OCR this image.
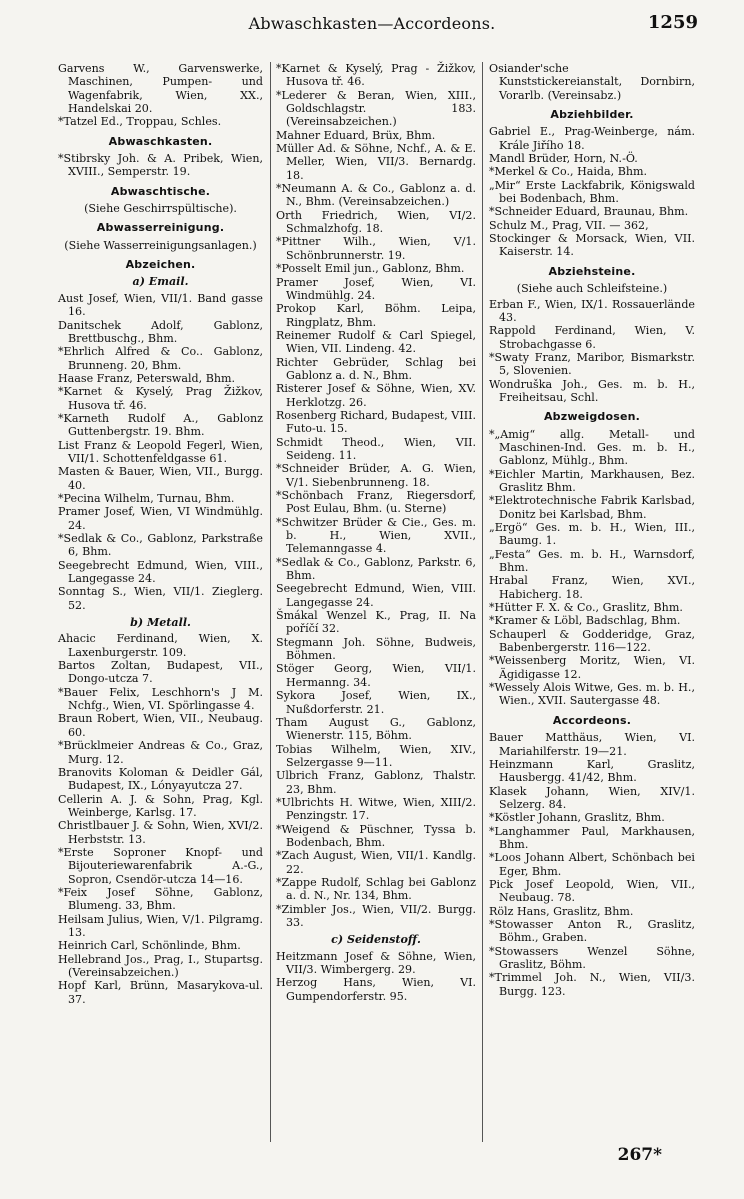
Abwaschkasten—Accordeons.	1259
Garvens W., Garvenswerke, Maschinen, Pumpen- und Wagenfabrik, Wien, XX., Handelskai 20.
*Tatzel Ed., Troppau, Schles.
Abwaschkasten.
*Stibrsky Joh. & A. Pribek, Wien, XVIII., Semperstr. 19.
Abwaschtische.
(Siehe Geschirrspültische).
Abwasserreinigung.
(Siehe Wasserreinigungsanlagen.)
Abzeichen.
a) Email.
Aust Josef, Wien, VII/1. Band gasse 16.
Danitschek Adolf, Gablonz, Brettbuschg., Bhm.
*Ehrlich Alfred & Co.. Gablonz, Brunneng. 20, Bhm.
Haase Franz, Peterswald, Bhm.
*Karnet & Kyselý, Prag Žižkov, Husova tř. 46.
*Karneth Rudolf A., Gablonz Guttenbergstr. 19. Bhm.
List Franz & Leopold Fegerl, Wien, VII/1. Schottenfeldgasse 61.
Masten & Bauer, Wien, VII., Burgg. 40.
*Pecina Wilhelm, Turnau, Bhm.
Pramer Josef, Wien, VI Windmühlg. 24.
*Sedlak & Co., Gablonz, Parkstraße 6, Bhm.
Seegebrecht Edmund, Wien, VIII., Langegasse 24.
Sonntag S., Wien, VII/1. Zieglerg. 52.
b) Metall.
Ahacic Ferdinand, Wien, X. Laxenburgerstr. 109.
Bartos Zoltan, Budapest, VII., Dongo-utcza 7.
*Bauer Felix, Leschhorn's J M. Nchfg., Wien, VI. Spörlingasse 4.
Braun Robert, Wien, VII., Neubaug. 60.
*Brücklmeier Andreas & Co., Graz, Murg. 12.
Branovits Koloman & Deidler Gál, Budapest, IX., Lónyayutcza 27.
Cellerin A. J. & Sohn, Prag, Kgl. Weinberge, Karlsg. 17.
Christlbauer J. & Sohn, Wien, XVI/2. Herbststr. 13.
*Erste Soproner Knopf- und Bijouteriewarenfabrik A.-G., Sopron, Csendör-utcza 14—16.
*Feix Josef Söhne, Gablonz, Blumeng. 33, Bhm.
Heilsam Julius, Wien, V/1. Pilgramg. 13.
Heinrich Carl, Schönlinde, Bhm.
Hellebrand Jos., Prag, I., Stupartsg. (Vereinsabzeichen.)
Hopf Karl, Brünn, Masarykova-ul. 37.
*Karnet & Kyselý, Prag - Žižkov, Husova tř. 46.
*Lederer & Beran, Wien, XIII., Goldschlagstr. 183. (Vereinsabzeichen.)
Mahner Eduard, Brüx, Bhm.
Müller Ad. & Söhne, Nchf., A. & E. Meller, Wien, VII/3. Bernardg. 18.
*Neumann A. & Co., Gablonz a. d. N., Bhm. (Vereinsabzeichen.)
Orth Friedrich, Wien, VI/2. Schmalzhofg. 18.
*Pittner Wilh., Wien, V/1. Schönbrunnerstr. 19.
*Posselt Emil jun., Gablonz, Bhm.
Pramer Josef, Wien, VI. Windmühlg. 24.
Prokop Karl, Böhm. Leipa, Ringplatz, Bhm.
Reinemer Rudolf & Carl Spiegel, Wien, VII. Lindeng. 42.
Richter Gebrüder, Schlag bei Gablonz a. d. N., Bhm.
Risterer Josef & Söhne, Wien, XV. Herklotzg. 26.
Rosenberg Richard, Budapest, VIII. Futo-u. 15.
Schmidt Theod., Wien, VII. Seideng. 11.
*Schneider Brüder, A. G. Wien, V/1. Siebenbrunneng. 18.
*Schönbach Franz, Riegersdorf, Post Eulau, Bhm. (u. Sterne)
*Schwitzer Brüder & Cie., Ges. m. b. H., Wien, XVII., Telemanngasse 4.
*Sedlak & Co., Gablonz, Parkstr. 6, Bhm.
Seegebrecht Edmund, Wien, VIII. Langegasse 24.
Šmákal Wenzel K., Prag, II. Na poříčí 32.
Stegmann Joh. Söhne, Budweis, Böhmen.
Stöger Georg, Wien, VII/1. Hermanng. 34.
Sykora Josef, Wien, IX., Nußdorferstr. 21.
Tham August G., Gablonz, Wienerstr. 115, Böhm.
Tobias Wilhelm, Wien, XIV., Selzergasse 9—11.
Ulbrich Franz, Gablonz, Thalstr. 23, Bhm.
*Ulbrichts H. Witwe, Wien, XIII/2. Penzingstr. 17.
*Weigend & Püschner, Tyssa b. Bodenbach, Bhm.
*Zach August, Wien, VII/1. Kandlg. 22.
*Zappe Rudolf, Schlag bei Gablonz a. d. N., Nr. 134, Bhm.
*Zimbler Jos., Wien, VII/2. Burgg. 33.
c) Seidenstoff.
Heitzmann Josef & Söhne, Wien, VII/3. Wimbergerg. 29.
Herzog Hans, Wien, VI. Gumpendorferstr. 95.
Osiander'sche Kunststickereianstalt, Dornbirn, Vorarlb. (Vereinsabz.)
Abziehbilder.
Gabriel E., Prag-Weinberge, nám. Krále Jiřího 18.
Mandl Brüder, Horn, N.-Ö.
*Merkel & Co., Haida, Bhm.
„Mir“ Erste Lackfabrik, Königswald bei Bodenbach, Bhm.
*Schneider Eduard, Braunau, Bhm.
Schulz M., Prag, VII. — 362,
Stockinger & Morsack, Wien, VII. Kaiserstr. 14.
Abziehsteine.
(Siehe auch Schleifsteine.)
Erban F., Wien, IX/1. Rossauerlände 43.
Rappold Ferdinand, Wien, V. Strobachgasse 6.
*Swaty Franz, Maribor, Bismarkstr. 5, Slovenien.
Wondruška Joh., Ges. m. b. H., Freiheitsau, Schl.
Abzweigdosen.
*„Amig“ allg. Metall- und Maschinen-Ind. Ges. m. b. H., Gablonz, Mühlg., Bhm.
*Eichler Martin, Markhausen, Bez. Graslitz Bhm.
*Elektrotechnische Fabrik Karlsbad, Donitz bei Karlsbad, Bhm.
„Ergö“ Ges. m. b. H., Wien, III., Baumg. 1.
„Festa“ Ges. m. b. H., Warnsdorf, Bhm.
Hrabal Franz, Wien, XVI., Habicherg. 18.
*Hütter F. X. & Co., Graslitz, Bhm.
*Kramer & Löbl, Badschlag, Bhm.
Schauperl & Godderidge, Graz, Babenbergerstr. 116—122.
*Weissenberg Moritz, Wien, VI. Ägidigasse 12.
*Wessely Alois Witwe, Ges. m. b. H., Wien., XVII. Sautergasse 48.
Accordeons.
Bauer Matthäus, Wien, VI. Mariahilferstr. 19—21.
Heinzmann Karl, Graslitz, Hausbergg. 41/42, Bhm.
Klasek Johann, Wien, XIV/1. Selzerg. 84.
*Köstler Johann, Graslitz, Bhm.
*Langhammer Paul, Markhausen, Bhm.
*Loos Johann Albert, Schönbach bei Eger, Bhm.
Pick Josef Leopold, Wien, VII., Neubaug. 78.
Rölz Hans, Graslitz, Bhm.
*Stowasser Anton R., Graslitz, Böhm., Graben.
*Stowassers Wenzel Söhne, Graslitz, Böhm.
*Trimmel Joh. N., Wien, VII/3. Burgg. 123.
267*
